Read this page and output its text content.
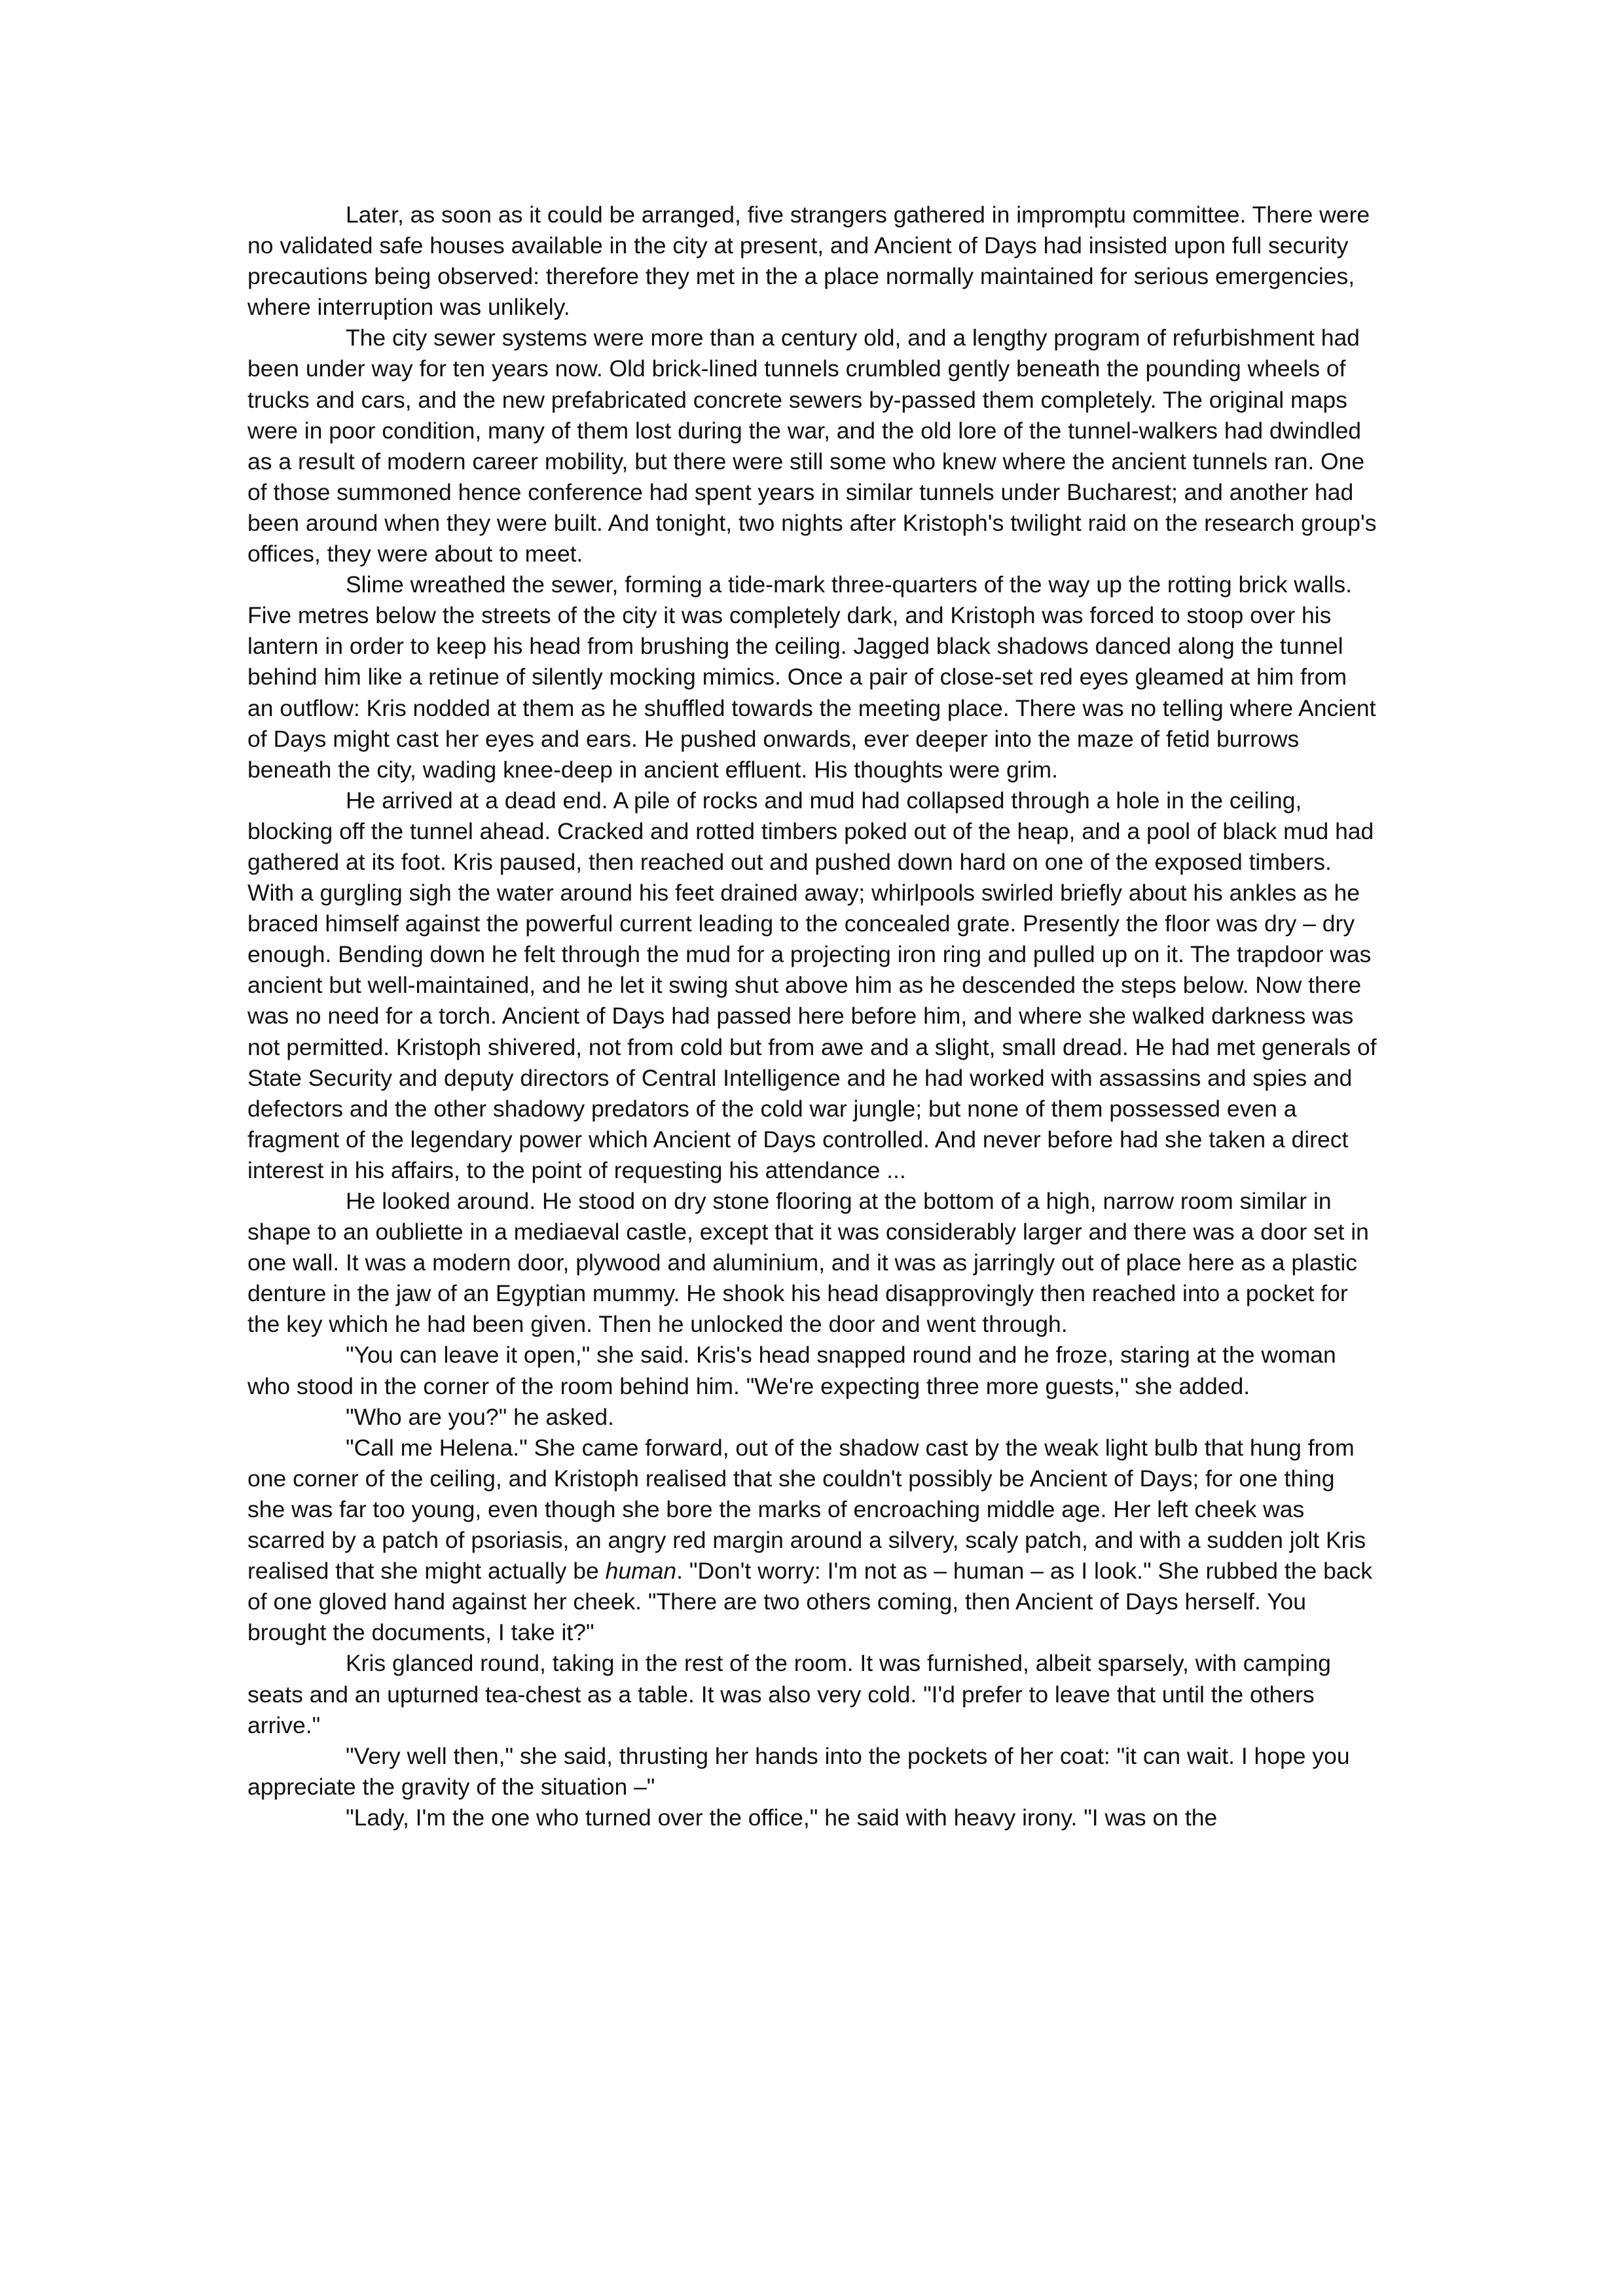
Later, as soon as it could be arranged, five strangers gathered in impromptu committee. There were no validated safe houses available in the city at present, and Ancient of Days had insisted upon full security precautions being observed: therefore they met in the a place normally maintained for serious emergencies, where interruption was unlikely.

The city sewer systems were more than a century old, and a lengthy program of refurbishment had been under way for ten years now. Old brick-lined tunnels crumbled gently beneath the pounding wheels of trucks and cars, and the new prefabricated concrete sewers by-passed them completely. The original maps were in poor condition, many of them lost during the war, and the old lore of the tunnel-walkers had dwindled as a result of modern career mobility, but there were still some who knew where the ancient tunnels ran. One of those summoned hence conference had spent years in similar tunnels under Bucharest; and another had been around when they were built. And tonight, two nights after Kristoph's twilight raid on the research group's offices, they were about to meet.

Slime wreathed the sewer, forming a tide-mark three-quarters of the way up the rotting brick walls. Five metres below the streets of the city it was completely dark, and Kristoph was forced to stoop over his lantern in order to keep his head from brushing the ceiling. Jagged black shadows danced along the tunnel behind him like a retinue of silently mocking mimics. Once a pair of close-set red eyes gleamed at him from an outflow: Kris nodded at them as he shuffled towards the meeting place. There was no telling where Ancient of Days might cast her eyes and ears. He pushed onwards, ever deeper into the maze of fetid burrows beneath the city, wading knee-deep in ancient effluent. His thoughts were grim.

He arrived at a dead end. A pile of rocks and mud had collapsed through a hole in the ceiling, blocking off the tunnel ahead. Cracked and rotted timbers poked out of the heap, and a pool of black mud had gathered at its foot. Kris paused, then reached out and pushed down hard on one of the exposed timbers. With a gurgling sigh the water around his feet drained away; whirlpools swirled briefly about his ankles as he braced himself against the powerful current leading to the concealed grate. Presently the floor was dry – dry enough. Bending down he felt through the mud for a projecting iron ring and pulled up on it. The trapdoor was ancient but well-maintained, and he let it swing shut above him as he descended the steps below. Now there was no need for a torch. Ancient of Days had passed here before him, and where she walked darkness was not permitted. Kristoph shivered, not from cold but from awe and a slight, small dread. He had met generals of State Security and deputy directors of Central Intelligence and he had worked with assassins and spies and defectors and the other shadowy predators of the cold war jungle; but none of them possessed even a fragment of the legendary power which Ancient of Days controlled. And never before had she taken a direct interest in his affairs, to the point of requesting his attendance ...

He looked around. He stood on dry stone flooring at the bottom of a high, narrow room similar in shape to an oubliette in a mediaeval castle, except that it was considerably larger and there was a door set in one wall. It was a modern door, plywood and aluminium, and it was as jarringly out of place here as a plastic denture in the jaw of an Egyptian mummy. He shook his head disapprovingly then reached into a pocket for the key which he had been given. Then he unlocked the door and went through.

"You can leave it open," she said. Kris's head snapped round and he froze, staring at the woman who stood in the corner of the room behind him. "We're expecting three more guests," she added.

"Who are you?" he asked.

"Call me Helena." She came forward, out of the shadow cast by the weak light bulb that hung from one corner of the ceiling, and Kristoph realised that she couldn't possibly be Ancient of Days; for one thing she was far too young, even though she bore the marks of encroaching middle age. Her left cheek was scarred by a patch of psoriasis, an angry red margin around a silvery, scaly patch, and with a sudden jolt Kris realised that she might actually be human. "Don't worry: I'm not as – human – as I look." She rubbed the back of one gloved hand against her cheek. "There are two others coming, then Ancient of Days herself. You brought the documents, I take it?"

Kris glanced round, taking in the rest of the room. It was furnished, albeit sparsely, with camping seats and an upturned tea-chest as a table. It was also very cold. "I'd prefer to leave that until the others arrive."

"Very well then," she said, thrusting her hands into the pockets of her coat: "it can wait. I hope you appreciate the gravity of the situation –"

"Lady, I'm the one who turned over the office," he said with heavy irony. "I was on the
